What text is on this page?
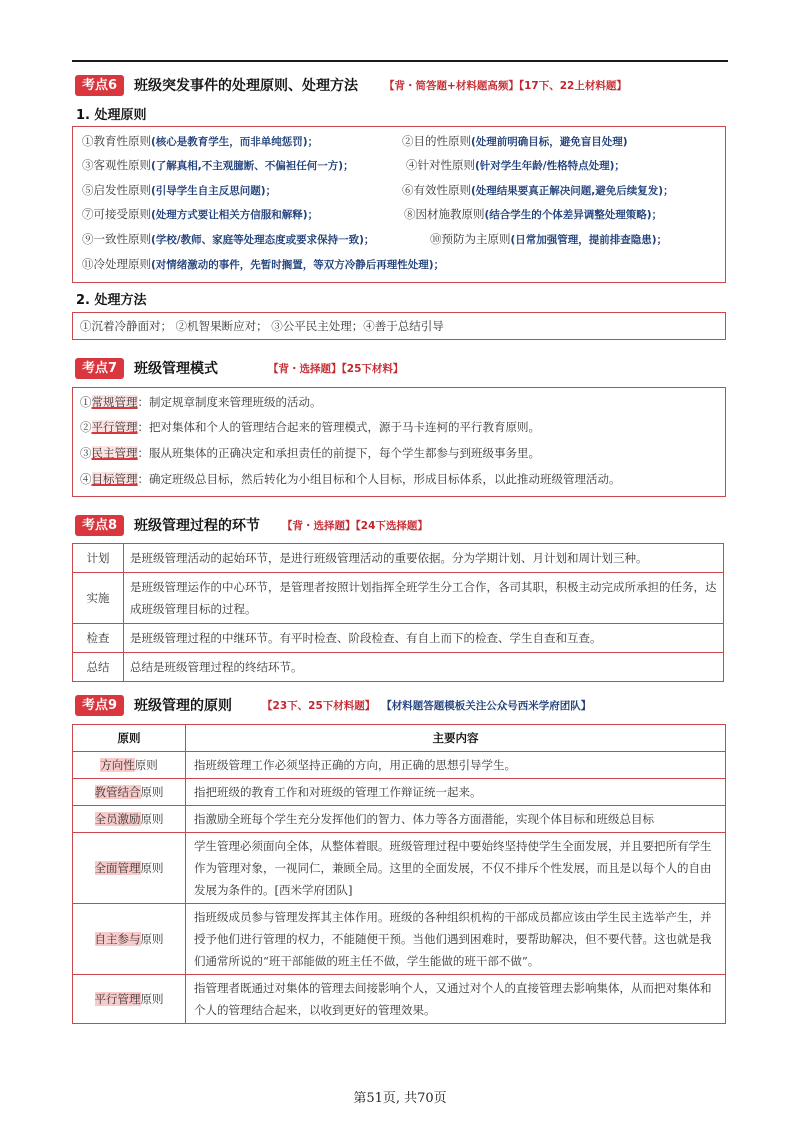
考点6	班级突发事件的处理原则、处理方法 【背・简答题+材料题高频】【17下、22上材料题】
1. 处理原则
①教育性原则(核心是教育学生，而非单纯惩罚)；	②目的性原则(处理前明确目标，避免盲目处理)
③客观性原则(了解真相,不主观臆断、不偏袒任何一方)；	④针对性原则(针对学生年龄/性格特点处理)；
⑤启发性原则(引导学生自主反思问题)；	⑥有效性原则(处理结果要真正解决问题,避免后续复发)；
⑦可接受原则(处理方式要让相关方信服和解释)；	⑧因材施教原则(结合学生的个体差异调整处理策略)；
⑨一致性原则(学校/教师、家庭等处理态度或要求保持一致)；	⑩预防为主原则(日常加强管理，提前排查隐患)；
⑪冷处理原则(对情绪激动的事件，先暂时搁置，等双方冷静后再理性处理)；
2. 处理方法
①沉着冷静面对； ②机智果断应对； ③公平民主处理；④善于总结引导
考点7	班级管理模式	【背・选择题】【25下材料】
①常规管理：制定规章制度来管理班级的活动。
②平行管理：把对集体和个人的管理结合起来的管理模式，源于马卡连柯的平行教育原则。
③民主管理：服从班集体的正确决定和承担责任的前提下，每个学生都参与到班级事务里。
④目标管理：确定班级总目标，然后转化为小组目标和个人目标，形成目标体系，以此推动班级管理活动。
考点8	班级管理过程的环节 【背・选择题】【24下选择题】
计划	是班级管理活动的起始环节，是进行班级管理活动的重要依据。分为学期计划、月计划和周计划三种。
实施	是班级管理运作的中心环节，是管理者按照计划指挥全班学生分工合作，各司其职，积极主动完成所承担的任务，达成班级管理目标的过程。
检查	是班级管理过程的中继环节。有平时检查、阶段检查、有自上而下的检查、学生自查和互查。
总结	总结是班级管理过程的终结环节。
考点9	班级管理的原则	【23下、25下材料题】 【材料题答题模板关注公众号西米学府团队】
原则	主要内容
方向性原则	指班级管理工作必须坚持正确的方向，用正确的思想引导学生。
教管结合原则	指把班级的教育工作和对班级的管理工作辩证统一起来。
全员激励原则	指激励全班每个学生充分发挥他们的智力、体力等各方面潜能，实现个体目标和班级总目标
全面管理原则	学生管理必须面向全体，从整体着眼。班级管理过程中要始终坚持使学生全面发展，并且要把所有学生作为管理对象，一视同仁，兼顾全局。这里的全面发展，不仅不排斥个性发展，而且是以每个人的自由发展为条件的。[西米学府团队]
自主参与原则	指班级成员参与管理发挥其主体作用。班级的各种组织机构的干部成员都应该由学生民主选举产生，并授予他们进行管理的权力，不能随便干预。当他们遇到困难时，要帮助解决，但不要代替。这也就是我们通常所说的“班干部能做的班主任不做，学生能做的班干部不做”。
平行管理原则	指管理者既通过对集体的管理去间接影响个人，又通过对个人的直接管理去影响集体，从而把对集体和个人的管理结合起来，以收到更好的管理效果。
第51页, 共70页
